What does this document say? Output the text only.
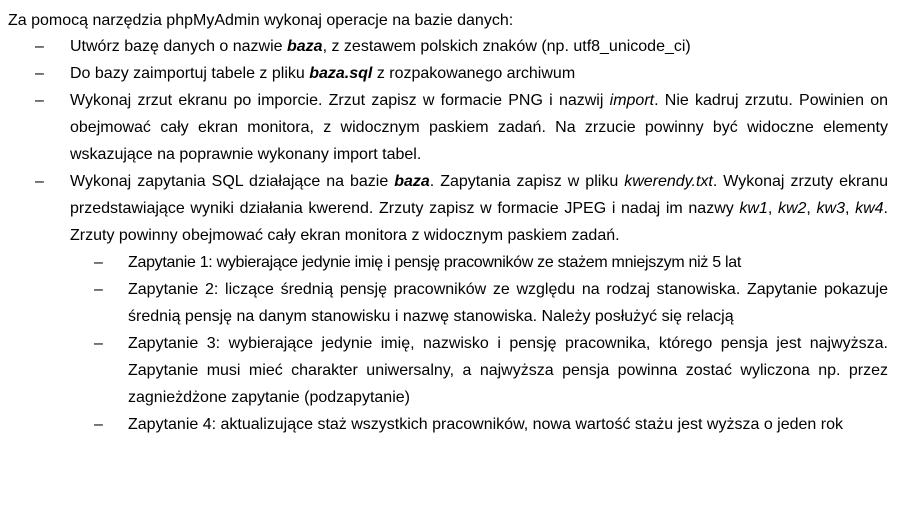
Za pomocą narzędzia phpMyAdmin wykonaj operacje na bazie danych:
– Utwórz bazę danych o nazwie baza, z zestawem polskich znaków (np. utf8_unicode_ci)
– Do bazy zaimportuj tabele z pliku baza.sql z rozpakowanego archiwum
– Wykonaj zrzut ekranu po imporcie. Zrzut zapisz w formacie PNG i nazwij import. Nie kadruj zrzutu. Powinien on obejmować cały ekran monitora, z widocznym paskiem zadań. Na zrzucie powinny być widoczne elementy wskazujące na poprawnie wykonany import tabel.
– Wykonaj zapytania SQL działające na bazie baza. Zapytania zapisz w pliku kwerendy.txt. Wykonaj zrzuty ekranu przedstawiające wyniki działania kwerend. Zrzuty zapisz w formacie JPEG i nadaj im nazwy kw1, kw2, kw3, kw4. Zrzuty powinny obejmować cały ekran monitora z widocznym paskiem zadań.
– Zapytanie 1: wybierające jedynie imię i pensję pracowników ze stażem mniejszym niż 5 lat
– Zapytanie 2: liczące średnią pensję pracowników ze względu na rodzaj stanowiska. Zapytanie pokazuje średnią pensję na danym stanowisku i nazwę stanowiska. Należy posłużyć się relacją
– Zapytanie 3: wybierające jedynie imię, nazwisko i pensję pracownika, którego pensja jest najwyższa. Zapytanie musi mieć charakter uniwersalny, a najwyższa pensja powinna zostać wyliczona np. przez zagnieżdżone zapytanie (podzapytanie)
– Zapytanie 4: aktualizujące staż wszystkich pracowników, nowa wartość stażu jest wyższa o jeden rok
